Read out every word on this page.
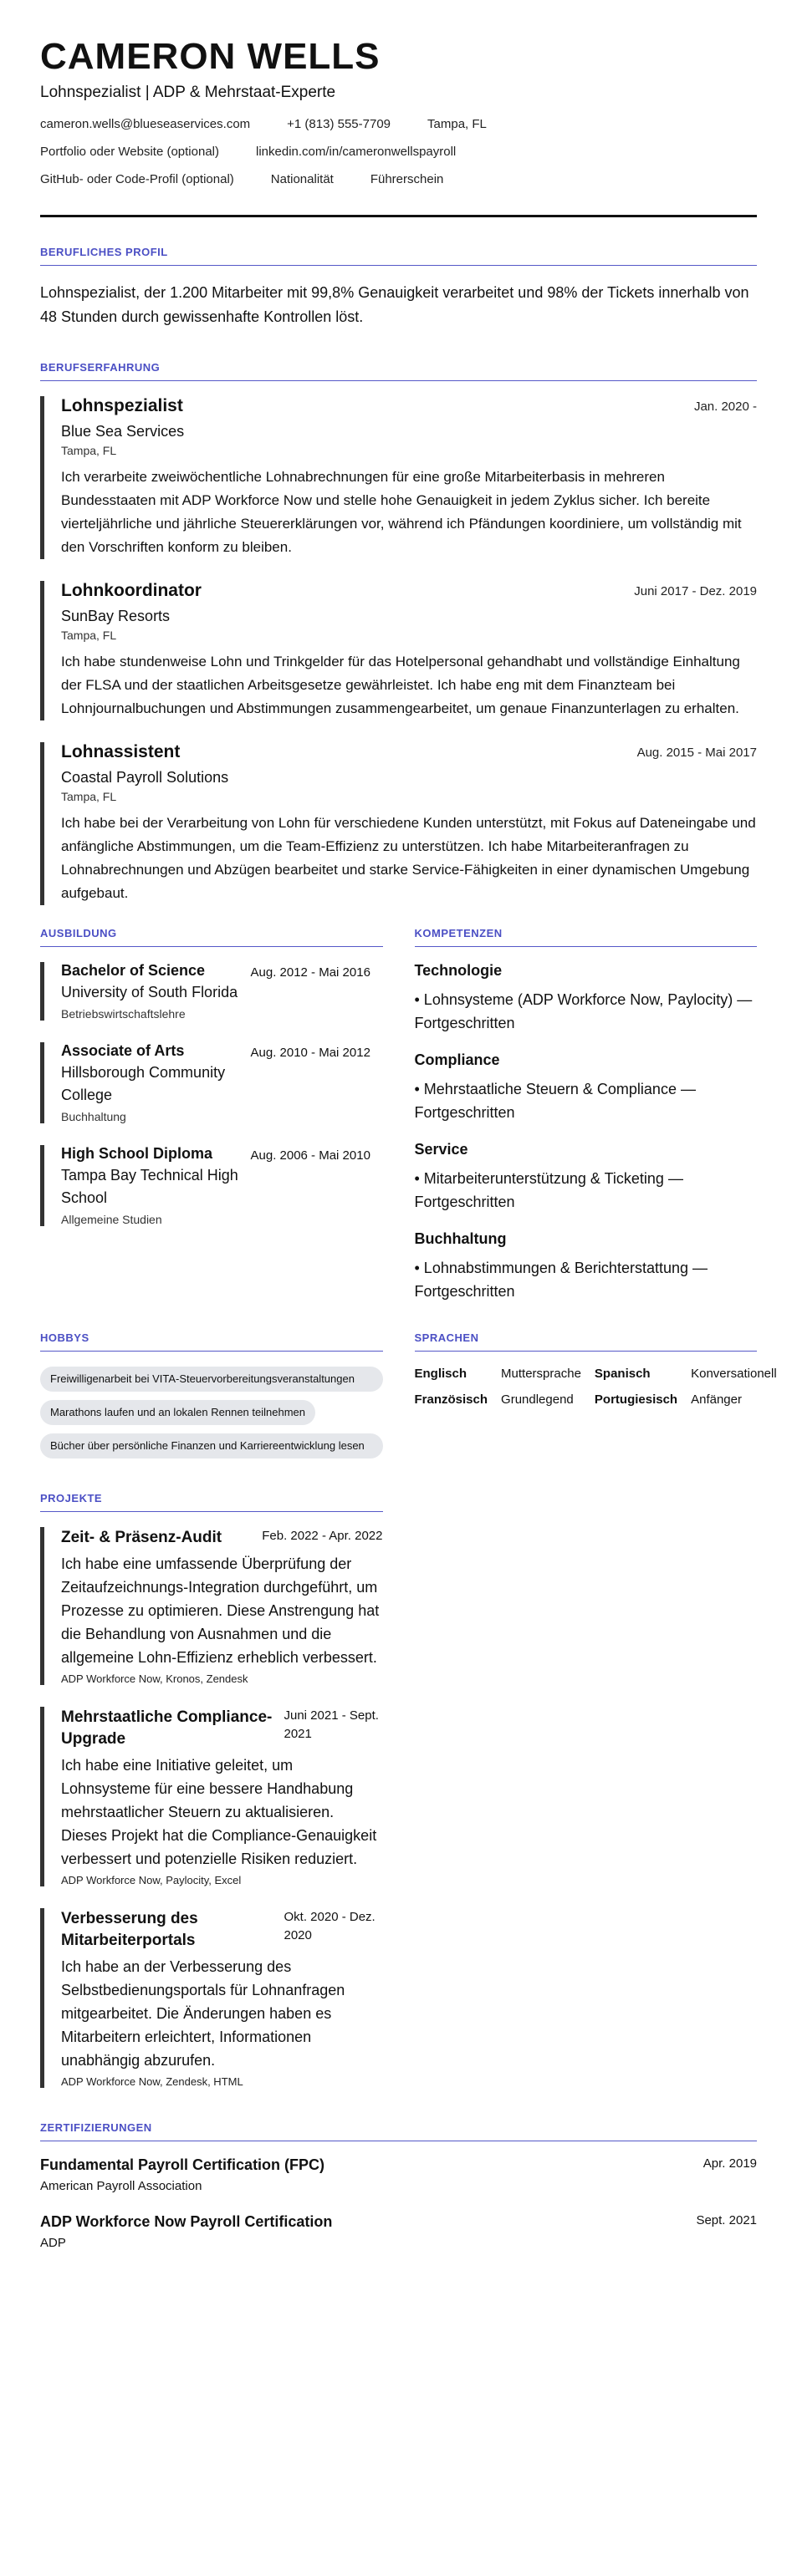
CAMERON WELLS
Lohnspezialist | ADP & Mehrstaat-Experte
cameron.wells@blueseaservices.com	+1 (813) 555-7709	Tampa, FL
Portfolio oder Website (optional)	linkedin.com/in/cameronwellspayroll
GitHub- oder Code-Profil (optional)	Nationalität	Führerschein
BERUFLICHES PROFIL
Lohnspezialist, der 1.200 Mitarbeiter mit 99,8% Genauigkeit verarbeitet und 98% der Tickets innerhalb von 48 Stunden durch gewissenhafte Kontrollen löst.
BERUFSERFAHRUNG
Lohnspezialist	Jan. 2020 -
Blue Sea Services
Tampa, FL
Ich verarbeite zweiwöchentliche Lohnabrechnungen für eine große Mitarbeiterbasis in mehreren Bundesstaaten mit ADP Workforce Now und stelle hohe Genauigkeit in jedem Zyklus sicher. Ich bereite vierteljährliche und jährliche Steuererklärungen vor, während ich Pfändungen koordiniere, um vollständig mit den Vorschriften konform zu bleiben.
Lohnkoordinator	Juni 2017 - Dez. 2019
SunBay Resorts
Tampa, FL
Ich habe stundenweise Lohn und Trinkgelder für das Hotelpersonal gehandhabt und vollständige Einhaltung der FLSA und der staatlichen Arbeitsgesetze gewährleistet. Ich habe eng mit dem Finanzteam bei Lohnjournalbuchungen und Abstimmungen zusammengearbeitet, um genaue Finanzunterlagen zu erhalten.
Lohnassistent	Aug. 2015 - Mai 2017
Coastal Payroll Solutions
Tampa, FL
Ich habe bei der Verarbeitung von Lohn für verschiedene Kunden unterstützt, mit Fokus auf Dateneingabe und anfängliche Abstimmungen, um die Team-Effizienz zu unterstützen. Ich habe Mitarbeiteranfragen zu Lohnabrechnungen und Abzügen bearbeitet und starke Service-Fähigkeiten in einer dynamischen Umgebung aufgebaut.
AUSBILDUNG
Bachelor of Science
University of South Florida
Aug. 2012 - Mai 2016
Betriebswirtschaftslehre
Associate of Arts
Hillsborough Community College
Aug. 2010 - Mai 2012
Buchhaltung
High School Diploma
Tampa Bay Technical High School
Aug. 2006 - Mai 2010
Allgemeine Studien
KOMPETENZEN
Technologie
• Lohnsysteme (ADP Workforce Now, Paylocity) — Fortgeschritten
Compliance
• Mehrstaatliche Steuern & Compliance — Fortgeschritten
Service
• Mitarbeiterunterstützung & Ticketing — Fortgeschritten
Buchhaltung
• Lohnabstimmungen & Berichterstattung — Fortgeschritten
HOBBYS
Freiwilligenarbeit bei VITA-Steuervorbereitungsveranstaltungen
Marathons laufen und an lokalen Rennen teilnehmen
Bücher über persönliche Finanzen und Karriereentwicklung lesen
SPRACHEN
Englisch	Muttersprache Spanisch	Konversationell
Französisch Grundlegend	Portugiesisch Anfänger
PROJEKTE
Zeit- & Präsenz-Audit	Feb. 2022 - Apr. 2022
Ich habe eine umfassende Überprüfung der Zeitaufzeichnungs-Integration durchgeführt, um Prozesse zu optimieren. Diese Anstrengung hat die Behandlung von Ausnahmen und die allgemeine Lohn-Effizienz erheblich verbessert.
ADP Workforce Now, Kronos, Zendesk
Mehrstaatliche Compliance-Upgrade
Juni 2021 - Sept. 2021
Ich habe eine Initiative geleitet, um Lohnsysteme für eine bessere Handhabung mehrstaatlicher Steuern zu aktualisieren. Dieses Projekt hat die Compliance-Genauigkeit verbessert und potenzielle Risiken reduziert.
ADP Workforce Now, Paylocity, Excel
Verbesserung des Mitarbeiterportals
Okt. 2020 - Dez. 2020
Ich habe an der Verbesserung des Selbstbedienungsportals für Lohnanfragen mitgearbeitet. Die Änderungen haben es Mitarbeitern erleichtert, Informationen unabhängig abzurufen.
ADP Workforce Now, Zendesk, HTML
ZERTIFIZIERUNGEN
Fundamental Payroll Certification (FPC)	Apr. 2019
American Payroll Association
ADP Workforce Now Payroll Certification	Sept. 2021
ADP
